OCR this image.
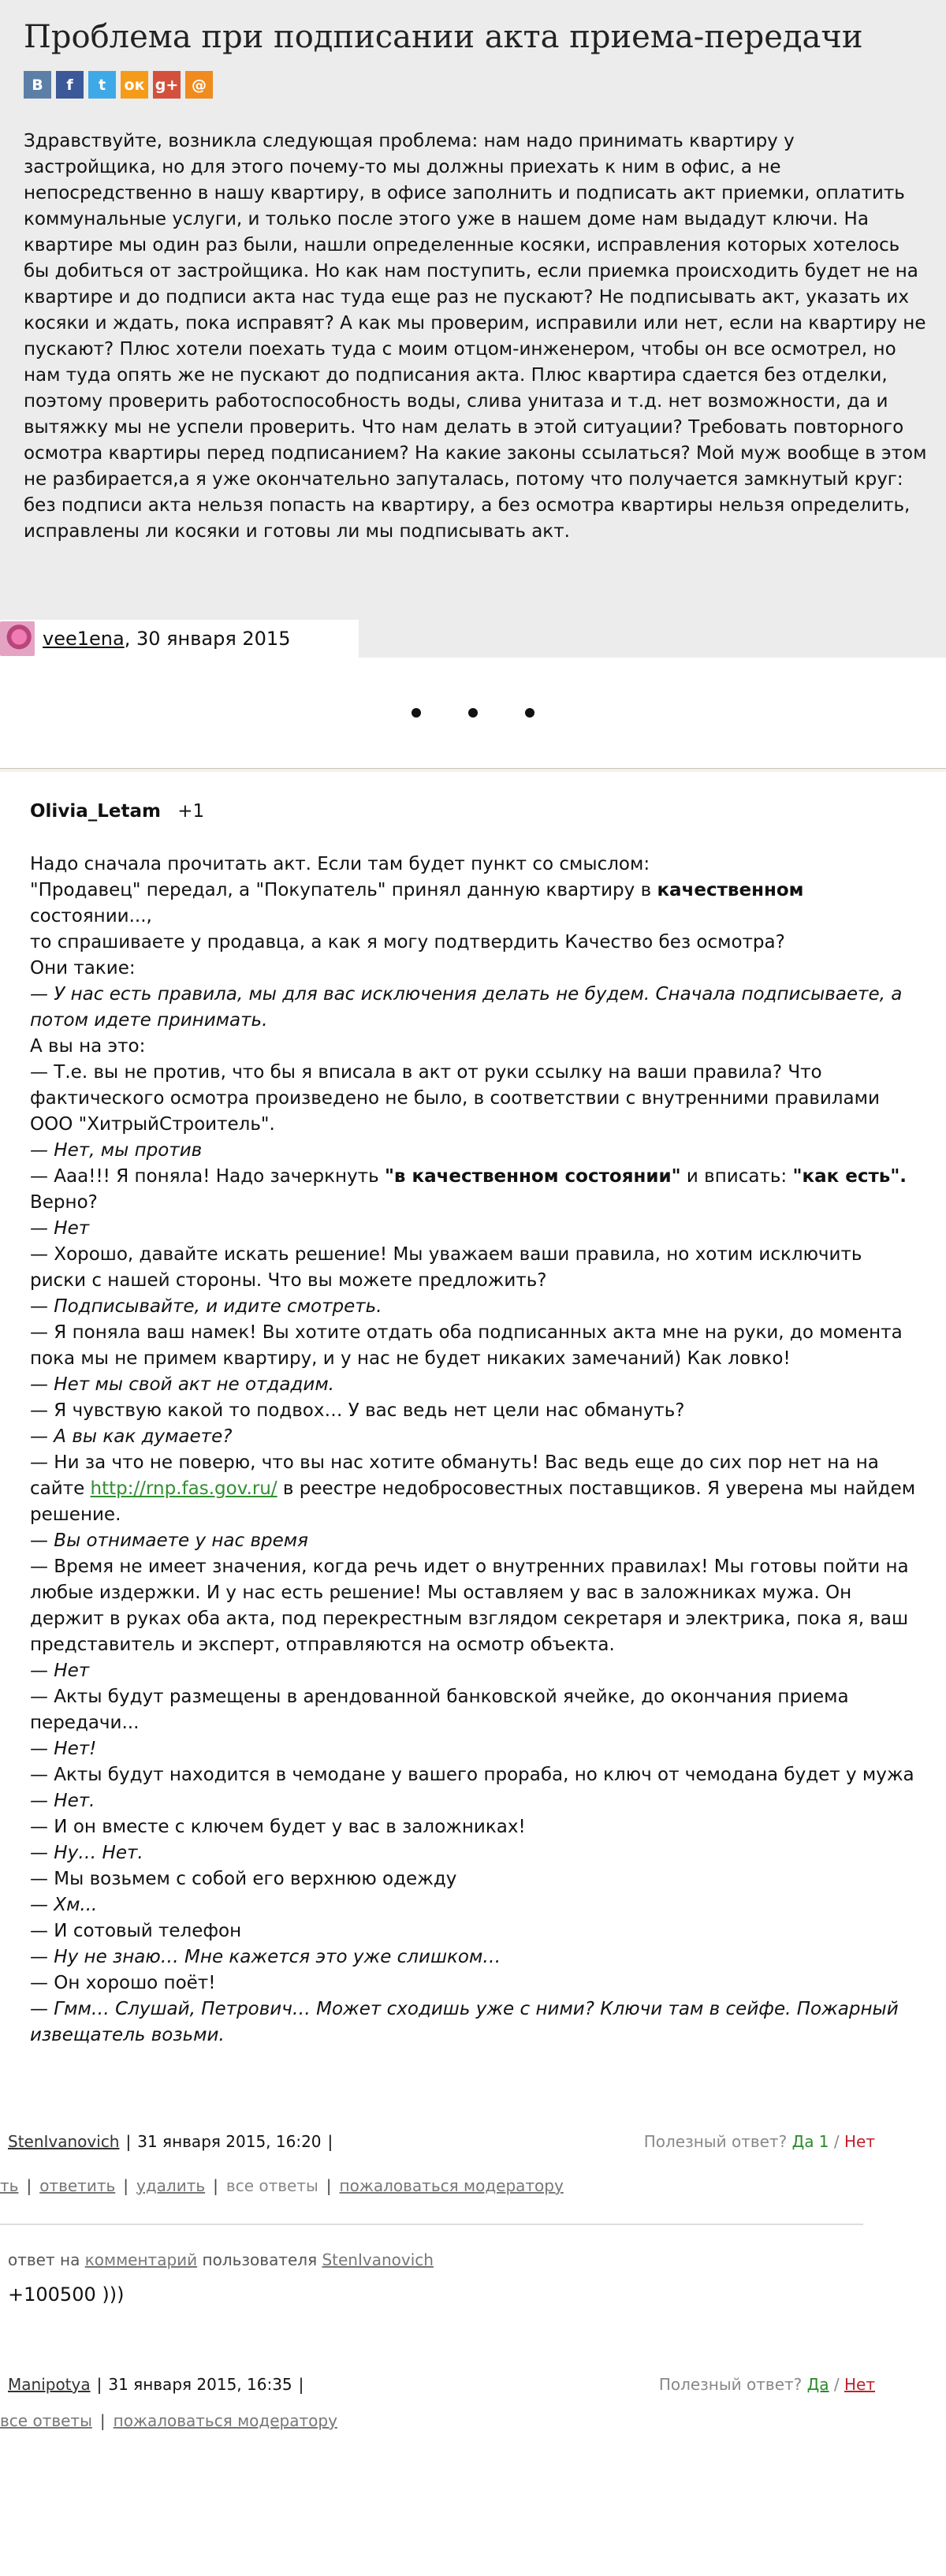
Проблема при подписании акта приема-передачи
В	f	t	ок g+ @

Здравствуйте, возникла следующая проблема: нам надо принимать квартиру у застройщика, но для этого почему-то мы должны приехать к ним в офис, а не непосредственно в нашу квартиру, в офисе заполнить и подписать акт приемки, оплатить коммунальные услуги, и только после этого уже в нашем доме нам выдадут ключи. На квартире мы один раз были, нашли определенные косяки, исправления которых хотелось бы добиться от застройщика. Но как нам поступить, если приемка происходить будет не на квартире и до подписи акта нас туда еще раз не пускают? Не подписывать акт, указать их косяки и ждать, пока исправят? А как мы проверим, исправили или нет, если на квартиру не пускают? Плюс хотели поехать туда с моим отцом-инженером, чтобы он все осмотрел, но нам туда опять же не пускают до подписания акта. Плюс квартира сдается без отделки, поэтому проверить работоспособность воды, слива унитаза и т.д. нет возможности, да и вытяжку мы не успели проверить. Что нам делать в этой ситуации? Требовать повторного осмотра квартиры перед подписанием? На какие законы ссылаться? Мой муж вообще в этом не разбирается,а я уже окончательно запуталась, потому что получается замкнутый круг: без подписи акта нельзя попасть на квартиру, а без осмотра квартиры нельзя определить, исправлены ли косяки и готовы ли мы подписывать акт.

vee1ena , 30 января 2015
Olivia_Letam +1

Надо сначала прочитать акт. Если там будет пункт со смыслом:

"Продавец" передал, а "Покупатель" принял данную квартиру в качественном

состоянии...,

то спрашиваете у продавца, а как я могу подтвердить Качество без осмотра?

Они такие:

— У нас есть правила, мы для вас исключения делать не будем. Сначала подписываете, а потом идете принимать.

А вы на это:

— Т.е. вы не против, что бы я вписала в акт от руки ссылку на ваши правила? Что фактического осмотра произведено не было, в соответствии с внутренними правилами ООО "ХитрыйСтроитель".

— Нет, мы против

— Ааа!!! Я поняла! Надо зачеркнуть "в качественном состоянии" и вписать: "как есть". Верно?

— Нет

— Хорошо, давайте искать решение! Мы уважаем ваши правила, но хотим исключить риски с нашей стороны. Что вы можете предложить?

— Подписывайте, и идите смотреть.

— Я поняла ваш намек! Вы хотите отдать оба подписанных акта мне на руки, до момента пока мы не примем квартиру, и у нас не будет никаких замечаний) Как ловко!

— Нет мы свой акт не отдадим.

— Я чувствую какой то подвох… У вас ведь нет цели нас обмануть?

— А вы как думаете?

— Ни за что не поверю, что вы нас хотите обмануть! Вас ведь еще до сих пор нет на на сайте http://rnp.fas.gov.ru/ в реестре недобросовестных поставщиков. Я уверена мы найдем решение.

— Вы отнимаете у нас время

— Время не имеет значения, когда речь идет о внутренних правилах! Мы готовы пойти на любые издержки. И у нас есть решение! Мы оставляем у вас в заложниках мужа. Он держит в руках оба акта, под перекрестным взглядом секретаря и электрика, пока я, ваш представитель и эксперт, отправляются на осмотр объекта.

— Нет

— Акты будут размещены в арендованной банковской ячейке, до окончания приема передачи...

— Нет!

— Акты будут находится в чемодане у вашего прораба, но ключ от чемодана будет у мужа

— Нет.

— И он вместе с ключем будет у вас в заложниках!

— Ну… Нет.

— Мы возьмем с собой его верхнюю одежду

— Хм...

— И сотовый телефон

— Ну не знаю… Мне кажется это уже слишком…

— Он хорошо поёт!

— Гмм… Слушай, Петрович… Может сходишь уже с ними? Ключи там в сейфе. Пожарный извещатель возьми.

StenIvanovich | 31 января 2015, 16:20 |	Полезный ответ? Да 1 / Нет
ть | ответить | удалить | все ответы | пожаловаться модератору
ответ на комментарий пользователя StenIvanovich
+100500 )))
Manipotya | 31 января 2015, 16:35 |	Полезный ответ? Да / Нет
все ответы | пожаловаться модератору
